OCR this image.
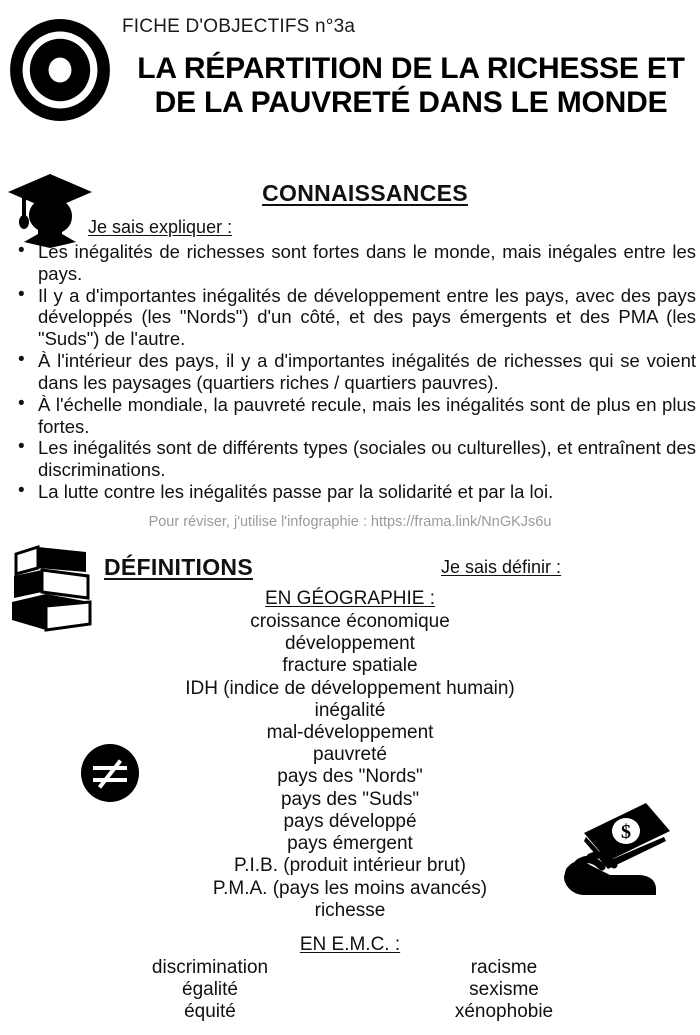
FICHE D'OBJECTIFS n°3a
LA RÉPARTITION DE LA RICHESSE ET DE LA PAUVRETÉ DANS LE MONDE
CONNAISSANCES
Je sais expliquer :
• Les inégalités de richesses sont fortes dans le monde, mais inégales entre les pays.
• Il y a d'importantes inégalités de développement entre les pays, avec des pays développés (les "Nords") d'un côté, et des pays émergents et des PMA (les "Suds") de l'autre.
• À l'intérieur des pays, il y a d'importantes inégalités de richesses qui se voient dans les paysages (quartiers riches / quartiers pauvres).
• À l'échelle mondiale, la pauvreté recule, mais les inégalités sont de plus en plus fortes.
• Les inégalités sont de différents types (sociales ou culturelles), et entraînent des discriminations.
• La lutte contre les inégalités passe par la solidarité et par la loi.
Pour réviser, j'utilise l'infographie : https://frama.link/NnGKJs6u
DÉFINITIONS	Je sais définir :
$
EN GÉOGRAPHIE :
croissance économique
développement
fracture spatiale
IDH (indice de développement humain)
inégalité
mal-développement
pauvreté
pays des "Nords"
pays des "Suds"
pays développé
pays émergent
P.I.B. (produit intérieur brut)
P.M.A. (pays les moins avancés)
richesse
EN E.M.C. :
discrimination
égalité
équité
racisme
sexisme
xénophobie
